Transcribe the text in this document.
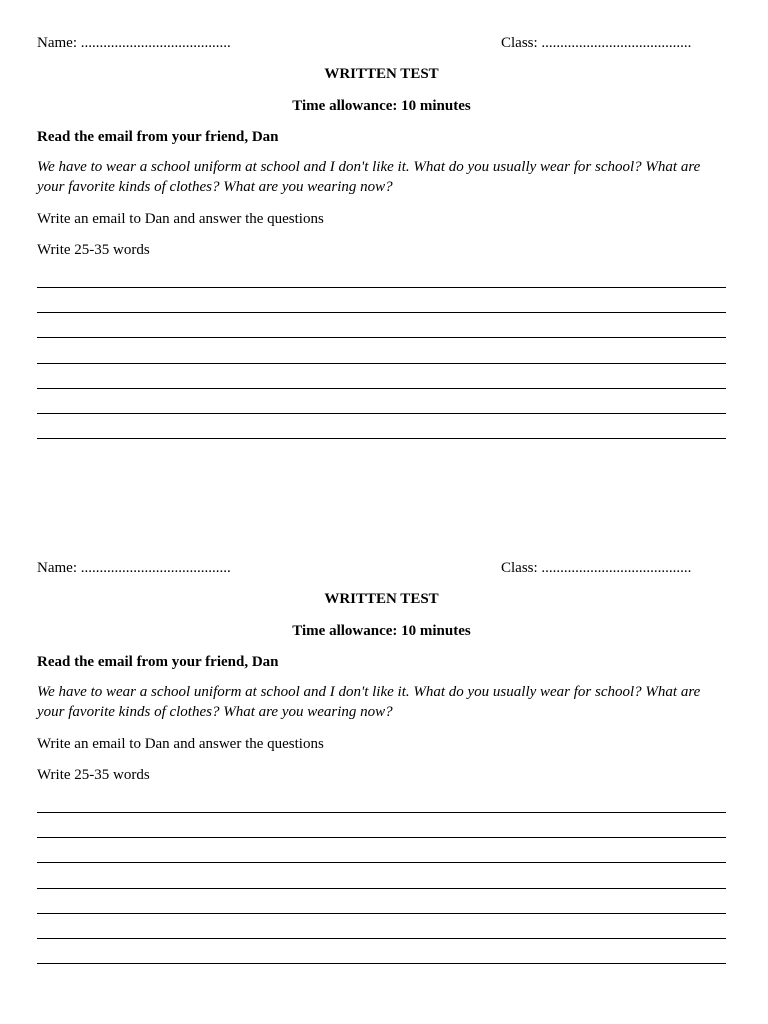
Name: ........................................	Class: ........................................
WRITTEN TEST
Time allowance: 10 minutes
Read the email from your friend, Dan
We have to wear a school uniform at school and I don't like it. What do you usually wear for school? What are your favorite kinds of clothes? What are you wearing now?
Write an email to Dan and answer the questions
Write 25-35 words
Name: ........................................	Class: ........................................
WRITTEN TEST
Time allowance: 10 minutes
Read the email from your friend, Dan
We have to wear a school uniform at school and I don't like it. What do you usually wear for school? What are your favorite kinds of clothes? What are you wearing now?
Write an email to Dan and answer the questions
Write 25-35 words
